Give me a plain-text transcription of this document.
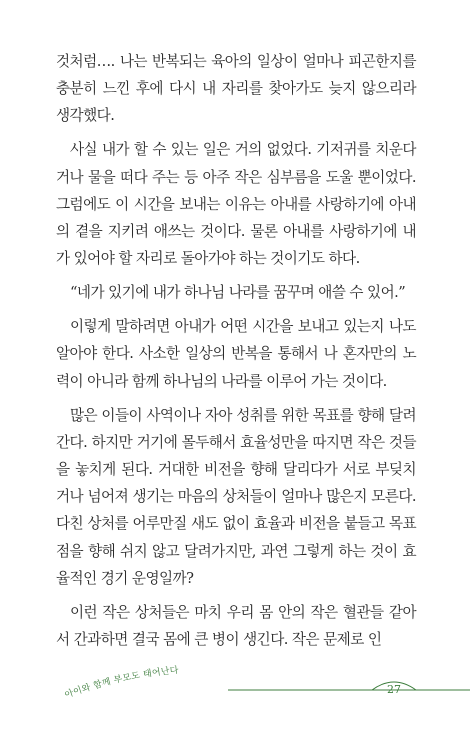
것처럼…. 나는 반복되는 육아의 일상이 얼마나 피곤한지를 충분히 느낀 후에 다시 내 자리를 찾아가도 늦지 않으리라 생각했다.

사실 내가 할 수 있는 일은 거의 없었다. 기저귀를 치운다거나 물을 떠다 주는 등 아주 작은 심부름을 도울 뿐이었다. 그럼에도 이 시간을 보내는 이유는 아내를 사랑하기에 아내의 곁을 지키려 애쓰는 것이다. 물론 아내를 사랑하기에 내가 있어야 할 자리로 돌아가야 하는 것이기도 하다.

“네가 있기에 내가 하나님 나라를 꿈꾸며 애쓸 수 있어.”

이렇게 말하려면 아내가 어떤 시간을 보내고 있는지 나도 알아야 한다. 사소한 일상의 반복을 통해서 나 혼자만의 노력이 아니라 함께 하나님의 나라를 이루어 가는 것이다.

많은 이들이 사역이나 자아 성취를 위한 목표를 향해 달려간다. 하지만 거기에 몰두해서 효율성만을 따지면 작은 것들을 놓치게 된다. 거대한 비전을 향해 달리다가 서로 부딪치거나 넘어져 생기는 마음의 상처들이 얼마나 많은지 모른다. 다친 상처를 어루만질 새도 없이 효율과 비전을 붙들고 목표점을 향해 쉬지 않고 달려가지만, 과연 그렇게 하는 것이 효율적인 경기 운영일까?

이런 작은 상처들은 마치 우리 몸 안의 작은 혈관들 같아서 간과하면 결국 몸에 큰 병이 생긴다. 작은 문제로 인

아이와 함께 부모도 태어난다
27
